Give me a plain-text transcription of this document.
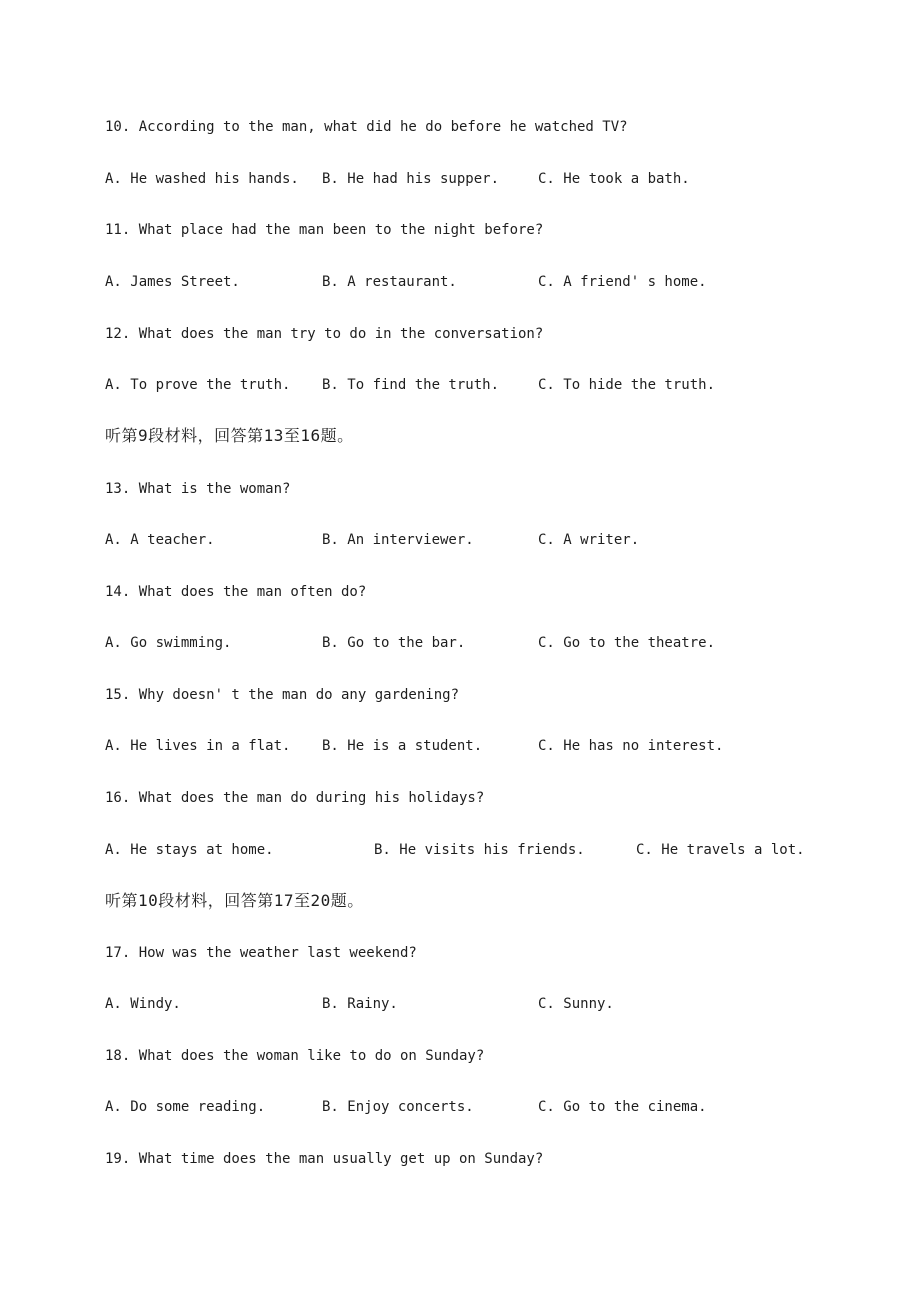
10. According to the man, what did he do before he watched TV?

A. He washed his hands.

B. He had his supper.

	C. He took a bath.

11. What place had the man been to the night before?

A. James Street.

	B. A restaurant.

	C. A friend' s home.

12. What does the man try to do in the conversation?

A. To prove the truth.

B. To find the truth.

	C. To hide the truth.

听第9段材料，回答第13至16题。
13. What is the woman?

A. A teacher.

	B. An interviewer.

	C. A writer.

14. What does the man often do?

A. Go swimming.

	B. Go to the bar.

	C. Go to the theatre.

15. Why doesn' t the man do any gardening?

A. He lives in a flat.

B. He is a student.

	C. He has no interest.

16. What does the man do during his holidays?

A. He stays at home.

	B. He visits his friends.

	C. He travels a lot.

听第10段材料，回答第17至20题。
17. How was the weather last weekend?

A. Windy.

	B. Rainy.

	C. Sunny.

18. What does the woman like to do on Sunday?

A. Do some reading.

	B. Enjoy concerts.

	C. Go to the cinema.

19. What time does the man usually get up on Sunday?
